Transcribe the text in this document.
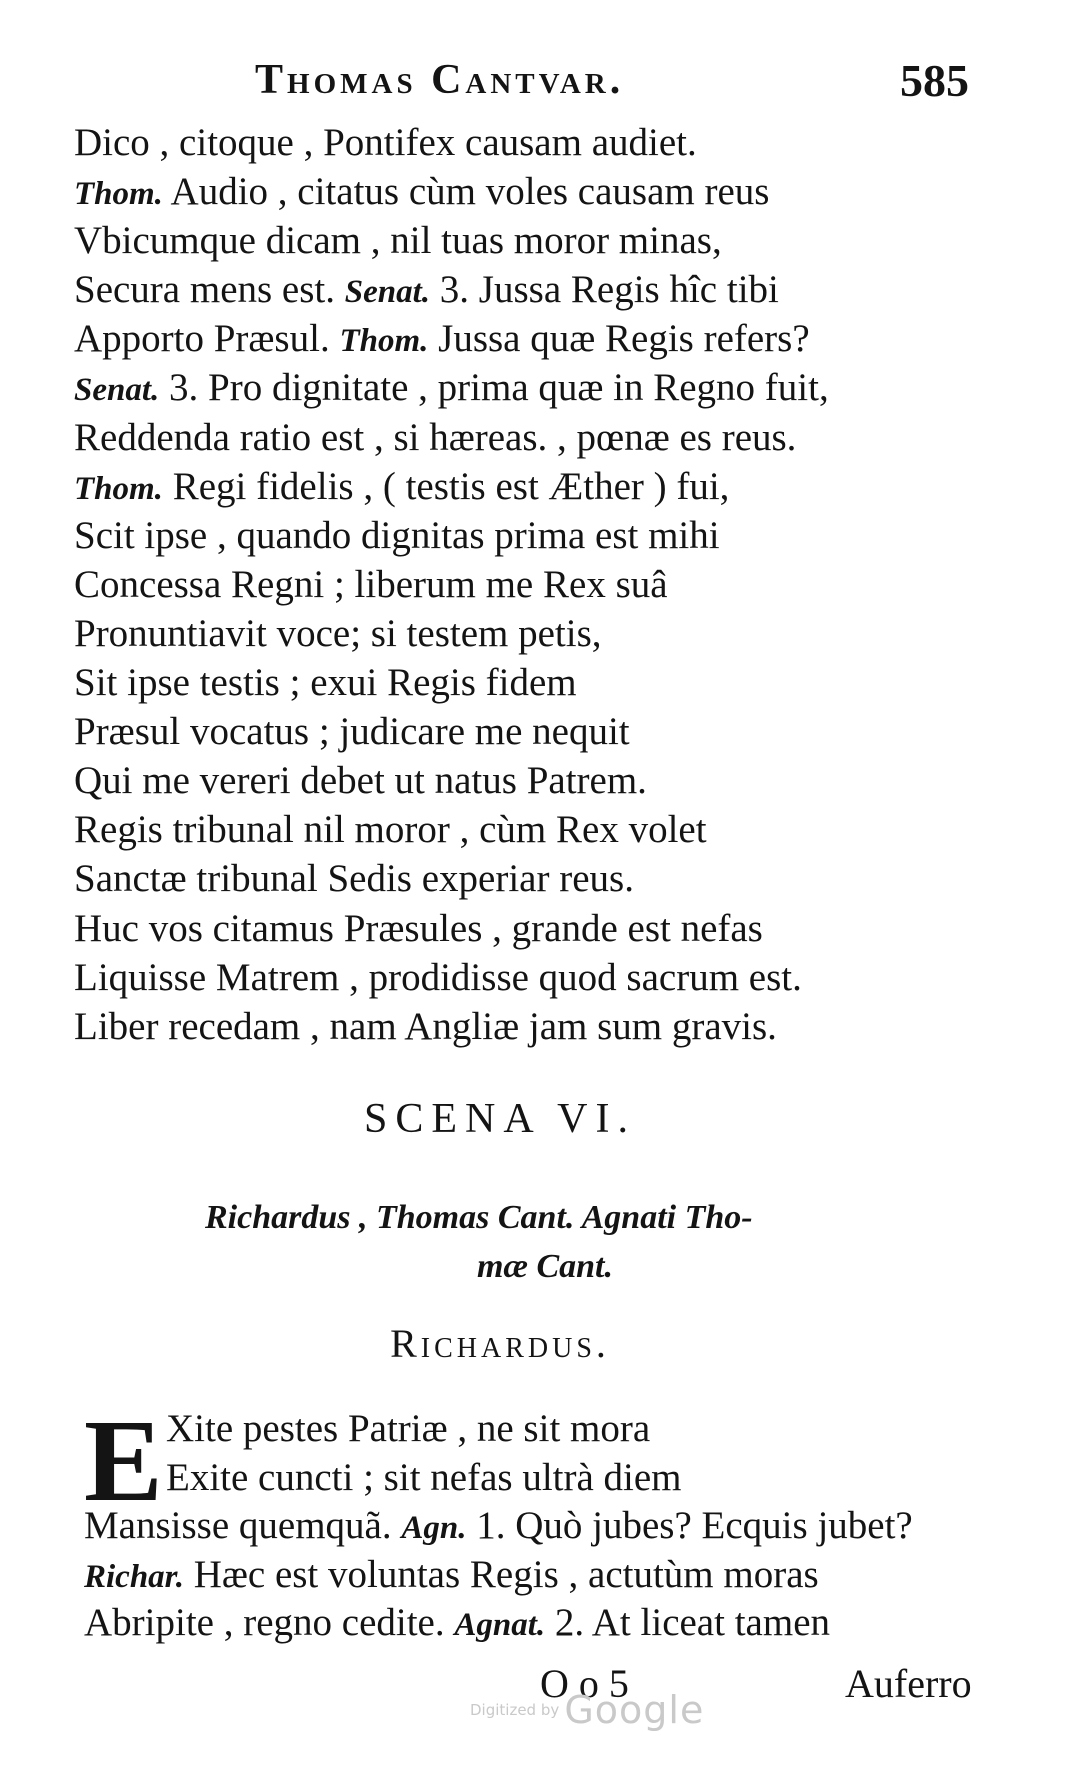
Thomas Cantvar.	585
Dico , citoque , Pontifex causam audiet.
Thom. Audio , citatus cùm voles causam reus
Vbicumque dicam , nil tuas moror minas,
Secura mens est. Senat. 3. Jussa Regis hîc tibi
Apporto Præsul. Thom. Jussa quæ Regis refers?
Senat. 3. Pro dignitate , prima quæ in Regno fuit,
Reddenda ratio est , si hæreas. , pœnæ es reus.
Thom. Regi fidelis , ( testis est Æther ) fui,
Scit ipse , quando dignitas prima est mihi
Concessa Regni ; liberum me Rex suâ
Pronuntiavit voce; si testem petis,
Sit ipse testis ; exui Regis fidem
Præsul vocatus ; judicare me nequit
Qui me vereri debet ut natus Patrem.
Regis tribunal nil moror , cùm Rex volet
Sanctæ tribunal Sedis experiar reus.
Huc vos citamus Præsules , grande est nefas
Liquisse Matrem , prodidisse quod sacrum est.
Liber recedam , nam Angliæ jam sum gravis.
SCENA VI.
Richardus , Thomas Cant. Agnati Tho-
mæ Cant.
Richardus.
E Xite pestes Patriæ , ne sit mora
Exite cuncti ; sit nefas ultrà diem
Mansisse quemquã. Agn. 1. Quò jubes? Ecquis jubet?
Richar. Hæc est voluntas Regis , actutùm moras
Abripite , regno cedite. Agnat. 2. At liceat tamen
O o 5	Auferro
Digitized by Google
